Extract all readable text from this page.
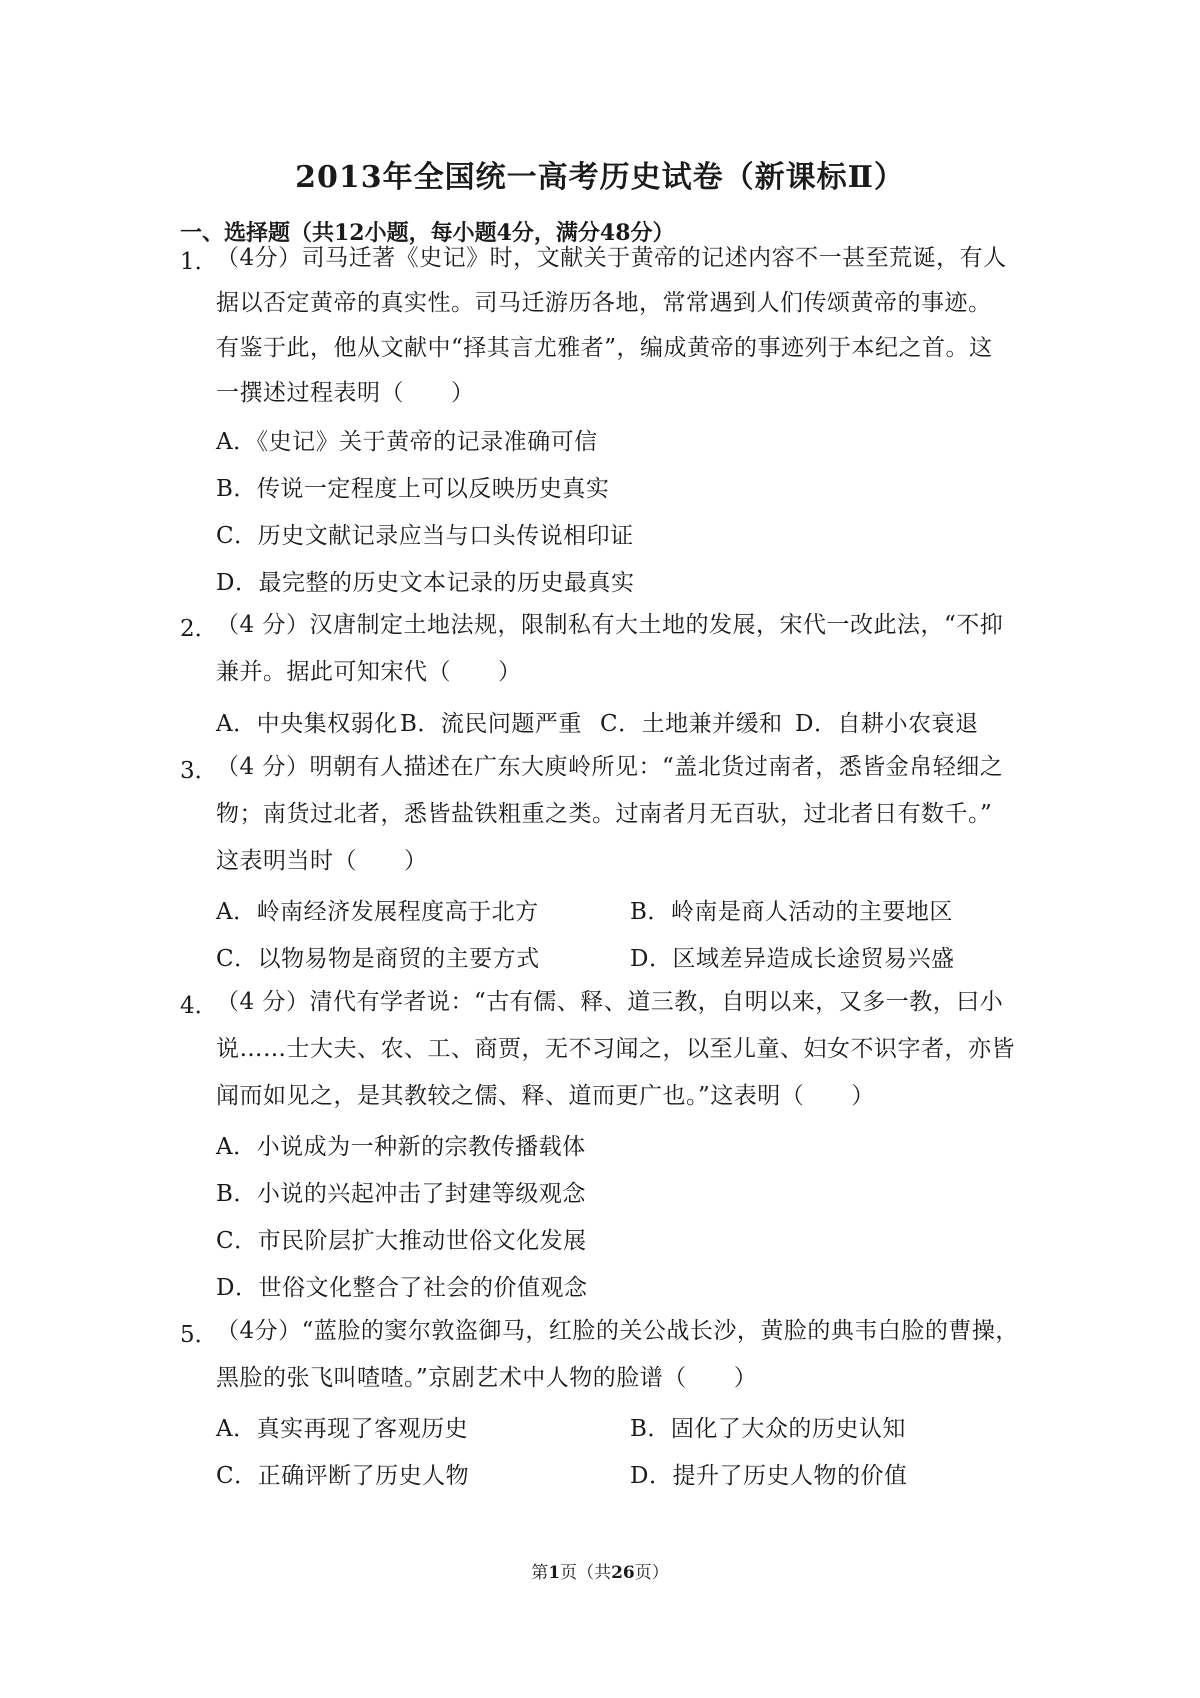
2013年全国统一高考历史试卷（新课标Ⅱ）
一、选择题（共12小题，每小题4分，满分48分）
1．
（4分）司马迁著《史记》时，文献关于黄帝的记述内容不一甚至荒诞，有人
据以否定黄帝的真实性。司马迁游历各地，常常遇到人们传颂黄帝的事迹。
有鉴于此，他从文献中“择其言尤雅者”，编成黄帝的事迹列于本纪之首。这
一撰述过程表明（　　）
A．《史记》关于黄帝的记录准确可信
B．传说一定程度上可以反映历史真实
C．历史文献记录应当与口头传说相印证
D．最完整的历史文本记录的历史最真实
2．
（4 分）汉唐制定土地法规，限制私有大土地的发展，宋代一改此法，“不抑
兼并。据此可知宋代（　　）
A．中央集权弱化 B．流民问题严重 C．土地兼并缓和 D．自耕小农衰退
3．
（4 分）明朝有人描述在广东大庾岭所见：“盖北货过南者，悉皆金帛轻细之
物；南货过北者，悉皆盐铁粗重之类。过南者月无百驮，过北者日有数千。”
这表明当时（　　）
A．岭南经济发展程度高于北方	B．岭南是商人活动的主要地区
C．以物易物是商贸的主要方式	D．区域差异造成长途贸易兴盛
4．
（4 分）清代有学者说：“古有儒、释、道三教，自明以来，又多一教，曰小
说……士大夫、农、工、商贾，无不习闻之，以至儿童、妇女不识字者，亦皆
闻而如见之，是其教较之儒、释、道而更广也。”这表明（　　）
A．小说成为一种新的宗教传播载体
B．小说的兴起冲击了封建等级观念
C．市民阶层扩大推动世俗文化发展
D．世俗文化整合了社会的价值观念
5．
（4分）“蓝脸的窦尔敦盗御马，红脸的关公战长沙，黄脸的典韦白脸的曹操，
黑脸的张飞叫喳喳。”京剧艺术中人物的脸谱（　　）
A．真实再现了客观历史	B．固化了大众的历史认知
C．正确评断了历史人物	D．提升了历史人物的价值
第1页（共26页）
